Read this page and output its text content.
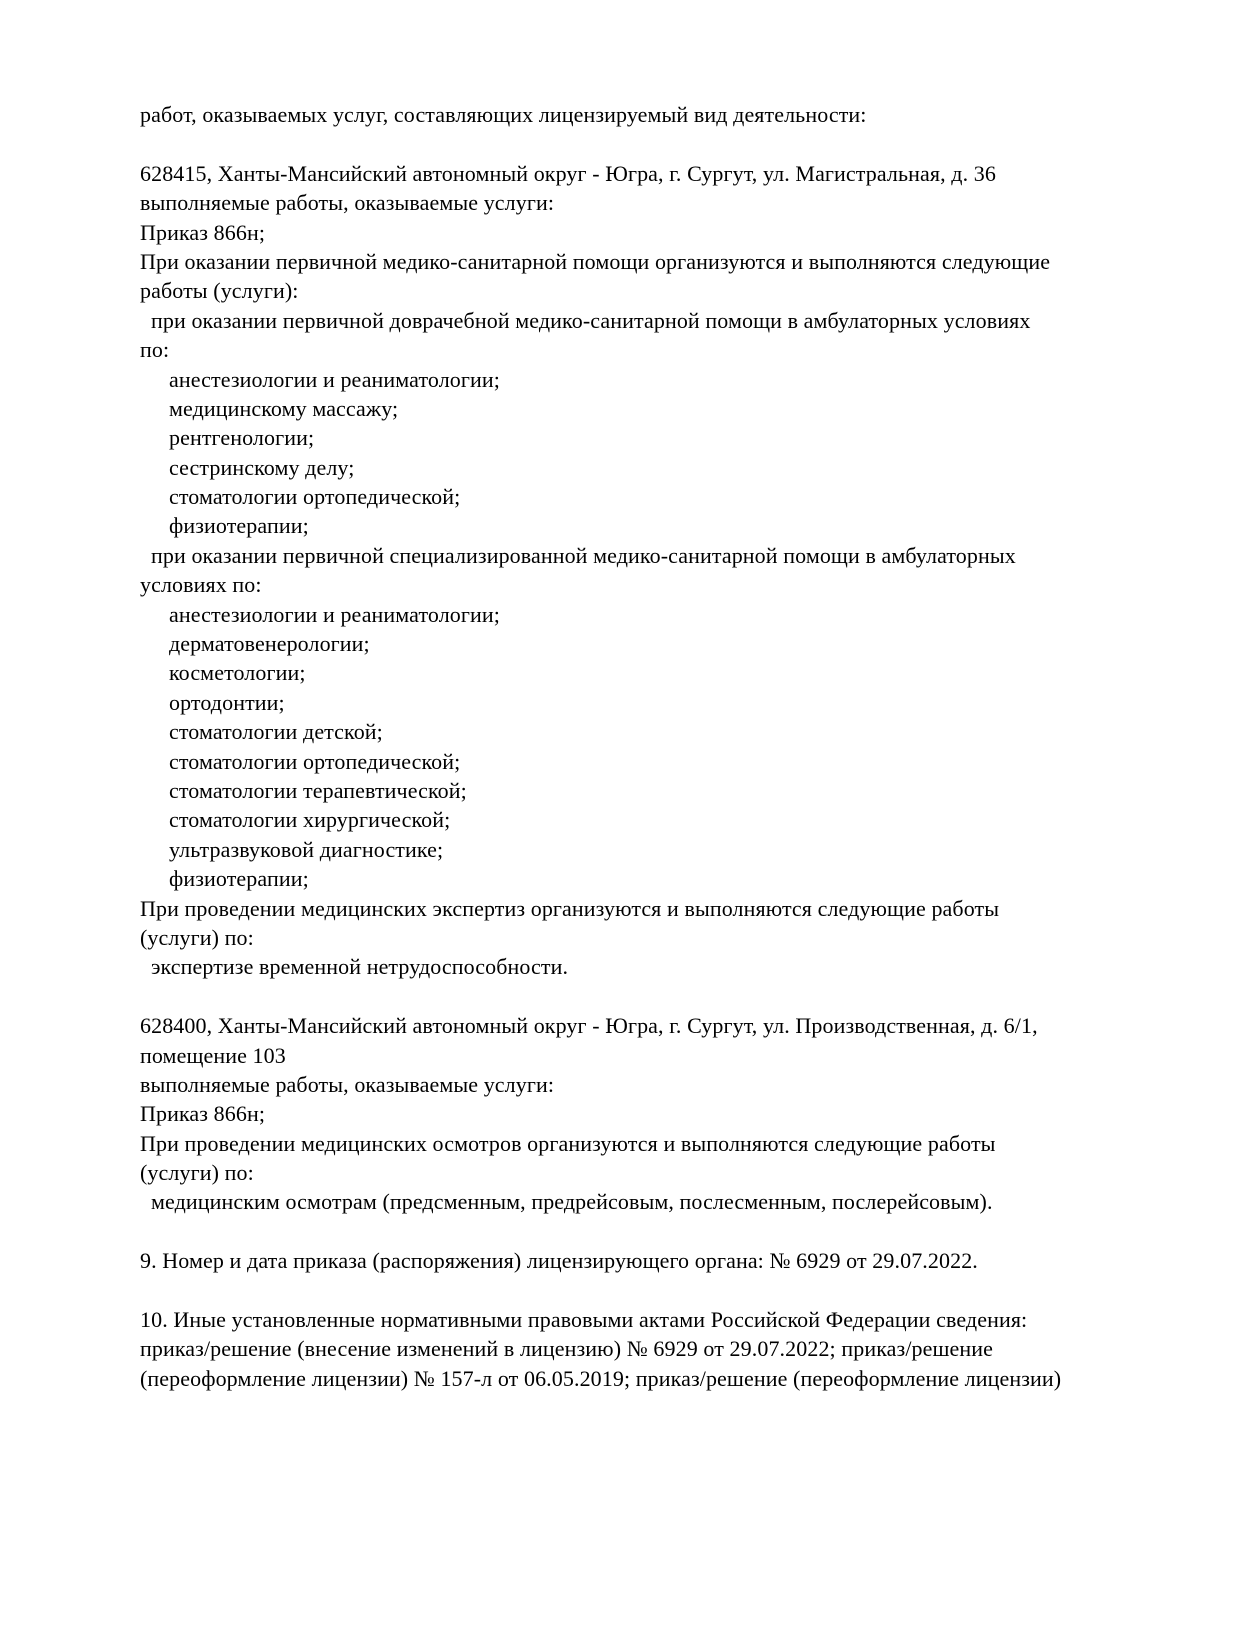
работ, оказываемых услуг, составляющих лицензируемый вид деятельности:
628415, Ханты-Мансийский автономный округ - Югра, г. Сургут, ул. Магистральная, д. 36
выполняемые работы, оказываемые услуги:
Приказ 866н;
При оказании первичной медико-санитарной помощи организуются и выполняются следующие
работы (услуги):
при оказании первичной доврачебной медико-санитарной помощи в амбулаторных условиях
по:
анестезиологии и реаниматологии;
медицинскому массажу;
рентгенологии;
сестринскому делу;
стоматологии ортопедической;
физиотерапии;
при оказании первичной специализированной медико-санитарной помощи в амбулаторных
условиях по:
анестезиологии и реаниматологии;
дерматовенерологии;
косметологии;
ортодонтии;
стоматологии детской;
стоматологии ортопедической;
стоматологии терапевтической;
стоматологии хирургической;
ультразвуковой диагностике;
физиотерапии;
При проведении медицинских экспертиз организуются и выполняются следующие работы
(услуги) по:
экспертизе временной нетрудоспособности.
628400, Ханты-Мансийский автономный округ - Югра, г. Сургут, ул. Производственная, д. 6/1,
помещение 103
выполняемые работы, оказываемые услуги:
Приказ 866н;
При проведении медицинских осмотров организуются и выполняются следующие работы
(услуги) по:
медицинским осмотрам (предсменным, предрейсовым, послесменным, послерейсовым).
9. Номер и дата приказа (распоряжения) лицензирующего органа: № 6929 от 29.07.2022.
10. Иные установленные нормативными правовыми актами Российской Федерации сведения:
приказ/решение (внесение изменений в лицензию) № 6929 от 29.07.2022; приказ/решение
(переоформление лицензии) № 157-л от 06.05.2019; приказ/решение (переоформление лицензии)
